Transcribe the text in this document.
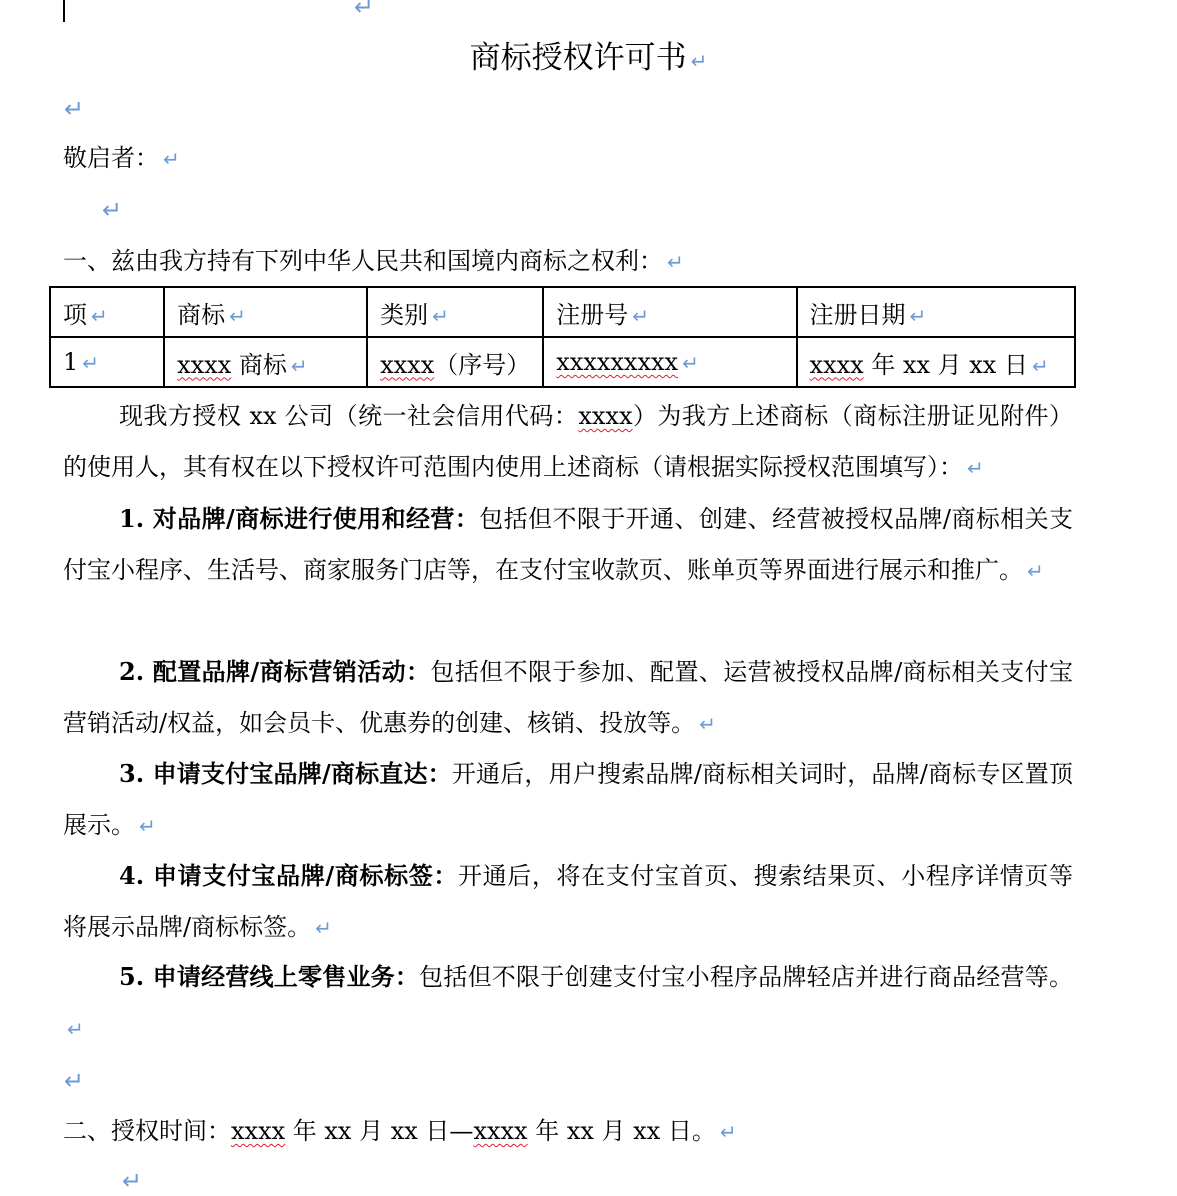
↵
商标授权许可书 ↵
↵
敬启者： ↵
↵
一、兹由我方持有下列中华人民共和国境内商标之权利： ↵
项 ↵	商标 ↵	类别 ↵	注册号 ↵	注册日期 ↵
1 ↵	xxxx 商标 ↵	xxxx（序号）	xxxxxxxxx ↵	xxxx 年 xx 月 xx 日 ↵
现我方授权 xx 公司（统一社会信用代码：xxxx）为我方上述商标（商标注册证见附件）的使用人，其有权在以下授权许可范围内使用上述商标（请根据实际授权范围填写）： ↵
1. 对品牌/商标进行使用和经营：包括但不限于开通、创建、经营被授权品牌/商标相关支付宝小程序、生活号、商家服务门店等，在支付宝收款页、账单页等界面进行展示和推广。 ↵
2. 配置品牌/商标营销活动：包括但不限于参加、配置、运营被授权品牌/商标相关支付宝营销活动/权益，如会员卡、优惠券的创建、核销、投放等。 ↵
3. 申请支付宝品牌/商标直达：开通后，用户搜索品牌/商标相关词时，品牌/商标专区置顶展示。 ↵
4. 申请支付宝品牌/商标标签：开通后，将在支付宝首页、搜索结果页、小程序详情页等将展示品牌/商标标签。 ↵
5. 申请经营线上零售业务：包括但不限于创建支付宝小程序品牌轻店并进行商品经营等。↵
↵
二、授权时间：xxxx 年 xx 月 xx 日—xxxx 年 xx 月 xx 日。 ↵
↵
